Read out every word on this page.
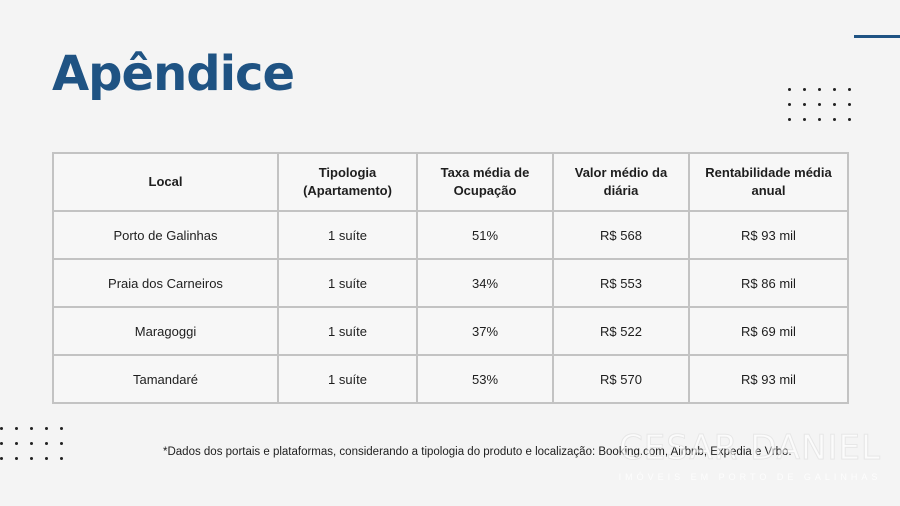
Apêndice
Local	Tipologia (Apartamento)	Taxa média de Ocupação	Valor médio da diária	Rentabilidade média anual
Porto de Galinhas	1 suíte	51%	R$ 568	R$ 93 mil
Praia dos Carneiros	1 suíte	34%	R$ 553	R$ 86 mil
Maragoggi	1 suíte	37%	R$ 522	R$ 69 mil
Tamandaré	1 suíte	53%	R$ 570	R$ 93 mil
*Dados dos portais e plataformas, considerando a tipologia do produto e localização: Booking.com, Airbnb, Expedia e Vrbo.
CESAR DANIEL
IMÓVEIS EM PORTO DE GALINHAS
